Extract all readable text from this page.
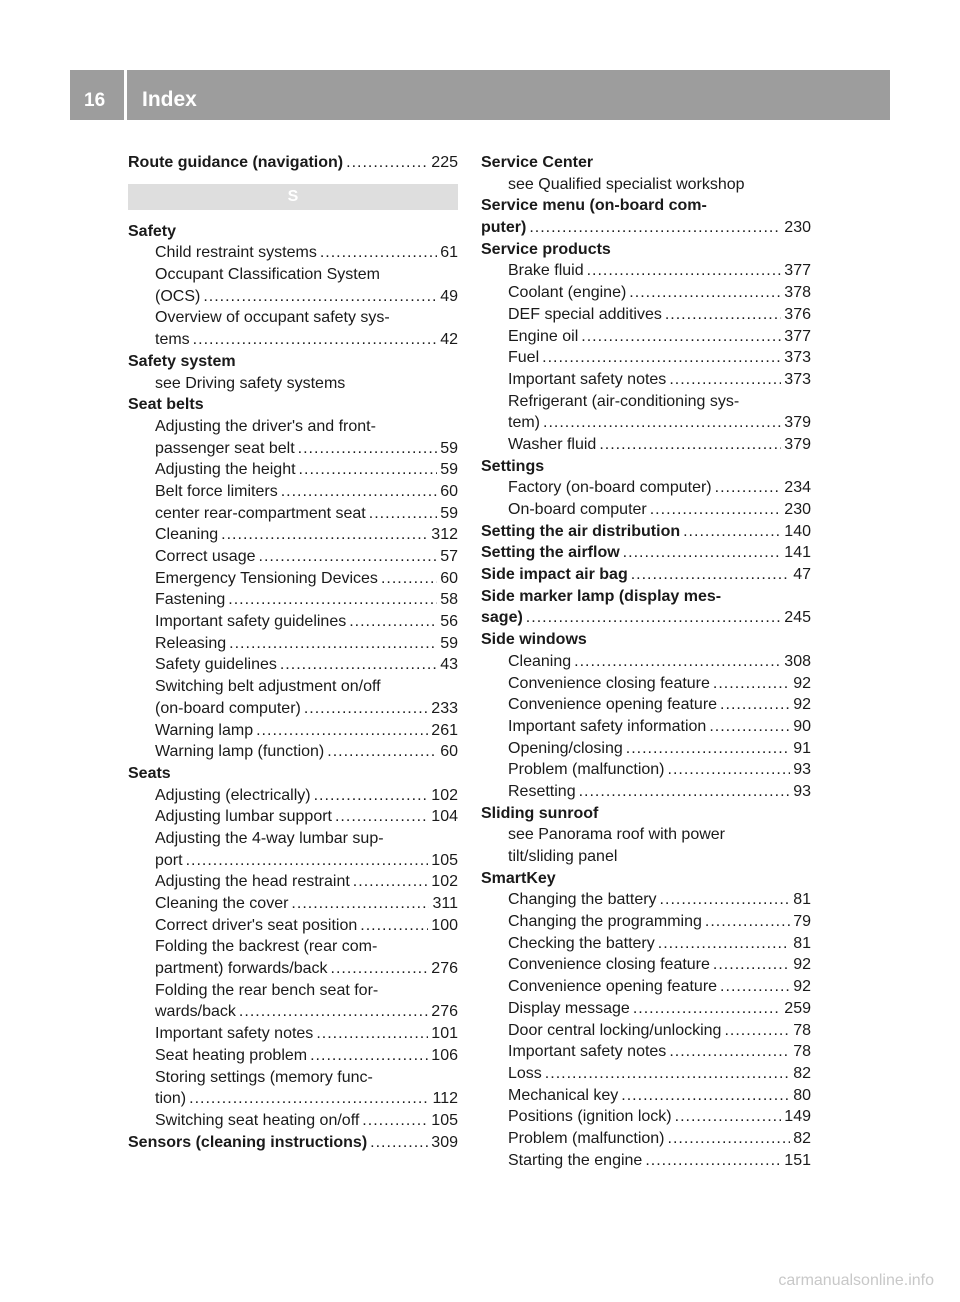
16 Index
Route guidance (navigation) .....	225
S
Safety
Child restraint systems .....	61
Occupant Classification System
(OCS) .....	49
Overview of occupant safety sys-
tems .....	42
Safety system
see Driving safety systems
Seat belts
Adjusting the driver's and front-
passenger seat belt .....	59
Adjusting the height .....	59
Belt force limiters .....	60
center rear-compartment seat .....	59
Cleaning .....	312
Correct usage .....	57
Emergency Tensioning Devices .....	60
Fastening .....	58
Important safety guidelines .....	56
Releasing .....	59
Safety guidelines .....	43
Switching belt adjustment on/off
(on-board computer) .....	233
Warning lamp .....	261
Warning lamp (function) .....	60
Seats
Adjusting (electrically) .....	102
Adjusting lumbar support .....	104
Adjusting the 4-way lumbar sup-
port .....	105
Adjusting the head restraint .....	102
Cleaning the cover .....	311
Correct driver's seat position .....	100
Folding the backrest (rear com-
partment) forwards/back .....	276
Folding the rear bench seat for-
wards/back .....	276
Important safety notes .....	101
Seat heating problem .....	106
Storing settings (memory func-
tion) .....	112
Switching seat heating on/off .....	105
Sensors (cleaning instructions) .....	309
Service Center
see Qualified specialist workshop
Service menu (on-board com-
puter) .....	230
Service products
Brake fluid .....	377
Coolant (engine) .....	378
DEF special additives .....	376
Engine oil .....	377
Fuel .....	373
Important safety notes .....	373
Refrigerant (air-conditioning sys-
tem) .....	379
Washer fluid .....	379
Settings
Factory (on-board computer) .....	234
On-board computer .....	230
Setting the air distribution .....	140
Setting the airflow .....	141
Side impact air bag .....	47
Side marker lamp (display mes-
sage) .....	245
Side windows
Cleaning .....	308
Convenience closing feature .....	92
Convenience opening feature .....	92
Important safety information .....	90
Opening/closing .....	91
Problem (malfunction) .....	93
Resetting .....	93
Sliding sunroof
see Panorama roof with power
tilt/sliding panel
SmartKey
Changing the battery .....	81
Changing the programming .....	79
Checking the battery .....	81
Convenience closing feature .....	92
Convenience opening feature .....	92
Display message .....	259
Door central locking/unlocking .....	78
Important safety notes .....	78
Loss .....	82
Mechanical key .....	80
Positions (ignition lock) .....	149
Problem (malfunction) .....	82
Starting the engine .....	151
carmanualsonline.info
